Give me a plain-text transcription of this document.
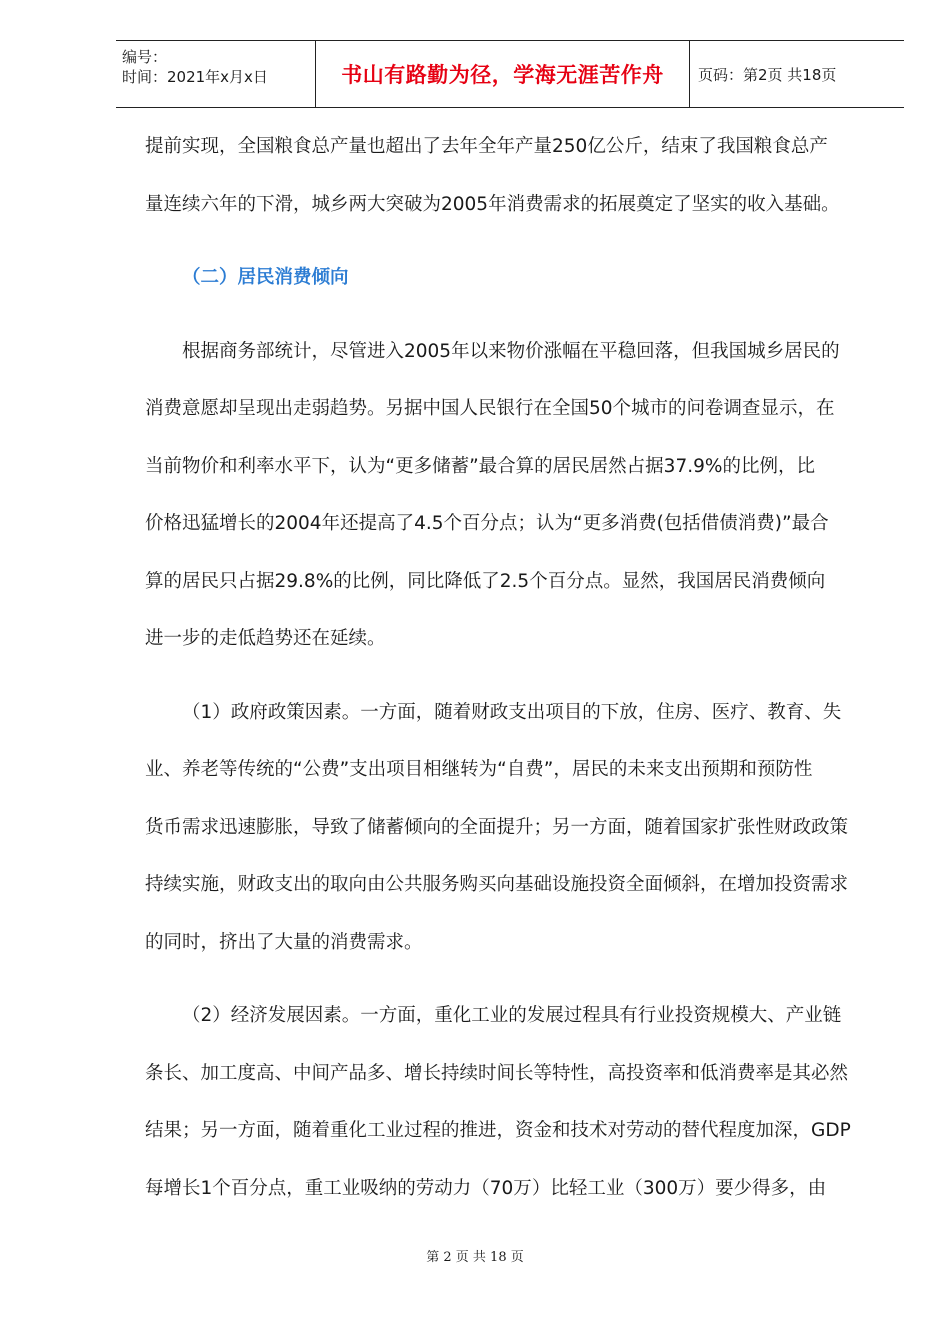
编号：
时间：2021年x月x日	书山有路勤为径，学海无涯苦作舟 页码：第2页 共18页
提前实现，全国粮食总产量也超出了去年全年产量250亿公斤，结束了我国粮食总产
量连续六年的下滑，城乡两大突破为2005年消费需求的拓展奠定了坚实的收入基础。
（二）居民消费倾向
根据商务部统计，尽管进入2005年以来物价涨幅在平稳回落，但我国城乡居民的
消费意愿却呈现出走弱趋势。另据中国人民银行在全国50个城市的问卷调查显示，在
当前物价和利率水平下，认为“更多储蓄”最合算的居民居然占据37.9%的比例，比
价格迅猛增长的2004年还提高了4.5个百分点；认为“更多消费(包括借债消费)”最合
算的居民只占据29.8%的比例，同比降低了2.5个百分点。显然，我国居民消费倾向
进一步的走低趋势还在延续。
（1）政府政策因素。一方面，随着财政支出项目的下放，住房、医疗、教育、失
业、养老等传统的“公费”支出项目相继转为“自费”，居民的未来支出预期和预防性
货币需求迅速膨胀，导致了储蓄倾向的全面提升；另一方面，随着国家扩张性财政政策
持续实施，财政支出的取向由公共服务购买向基础设施投资全面倾斜，在增加投资需求
的同时，挤出了大量的消费需求。
（2）经济发展因素。一方面，重化工业的发展过程具有行业投资规模大、产业链
条长、加工度高、中间产品多、增长持续时间长等特性，高投资率和低消费率是其必然
结果；另一方面，随着重化工业过程的推进，资金和技术对劳动的替代程度加深，GDP
每增长1个百分点，重工业吸纳的劳动力（70万）比轻工业（300万）要少得多，由
第 2 页 共 18 页
